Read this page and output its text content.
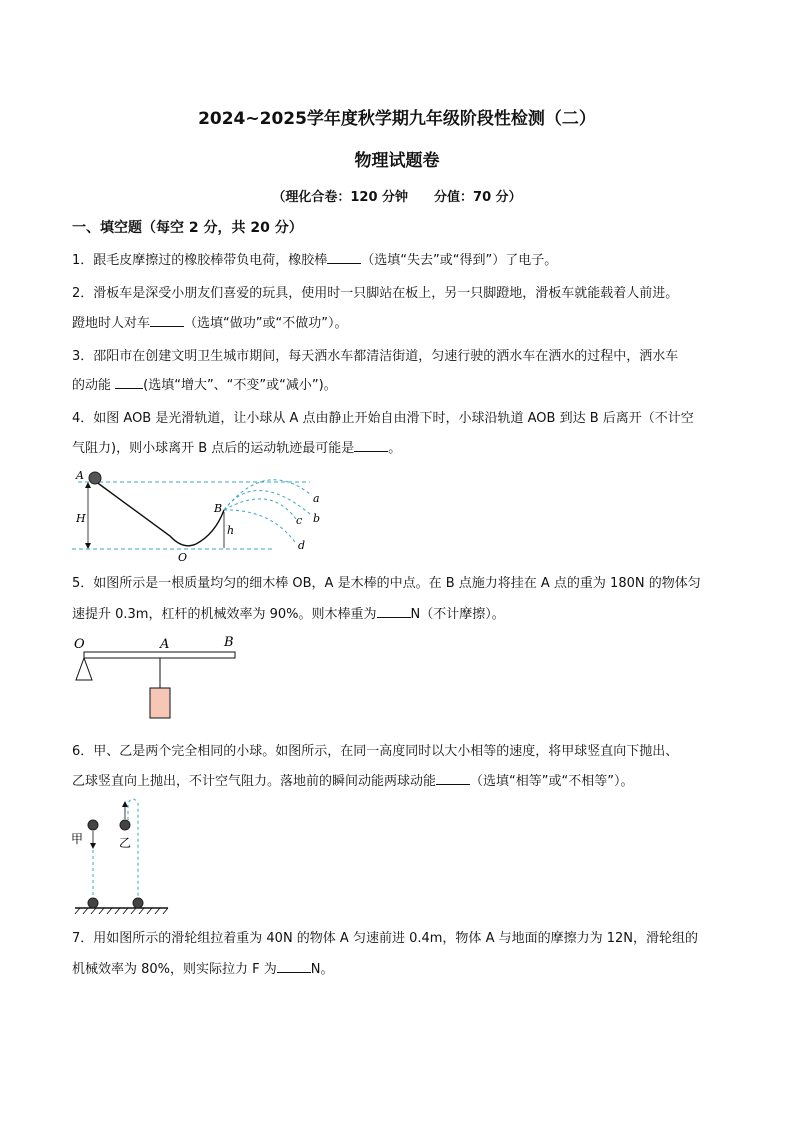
2024~2025学年度秋学期九年级阶段性检测（二）
物理试题卷
（理化合卷：120 分钟　　分值：70 分）
一、填空题（每空 2 分，共 20 分）
1．跟毛皮摩擦过的橡胶棒带负电荷，橡胶棒	（选填“失去”或“得到”）了电子。
2．滑板车是深受小朋友们喜爱的玩具，使用时一只脚站在板上，另一只脚蹬地，滑板车就能载着人前进。
蹬地时人对车	（选填“做功”或“不做功”）。
3．邵阳市在创建文明卫生城市期间，每天洒水车都清洁街道，匀速行驶的洒水车在洒水的过程中，洒水车
的动能 (选填“增大”、“不变”或“减小”)。
4．如图 AOB 是光滑轨道，让小球从 A 点由静止开始自由滑下时，小球沿轨道 AOB 到达 B 后离开（不计空
气阻力)，则小球离开 B 点后的运动轨迹最可能是	。
A
H
B
h
O
a
b
c
d
5．如图所示是一根质量均匀的细木棒 OB，A 是木棒的中点。在 B 点施力将挂在 A 点的重为 180N 的物体匀
速提升 0.3m，杠杆的机械效率为 90%。则木棒重为	N（不计摩擦）。
O	A	B
6．甲、乙是两个完全相同的小球。如图所示，在同一高度同时以大小相等的速度，将甲球竖直向下抛出、
乙球竖直向上抛出，不计空气阻力。落地前的瞬间动能两球动能	（选填“相等”或“不相等”）。
甲	乙
7．用如图所示的滑轮组拉着重为 40N 的物体 A 匀速前进 0.4m，物体 A 与地面的摩擦力为 12N，滑轮组的
机械效率为 80%，则实际拉力 F 为	N。
